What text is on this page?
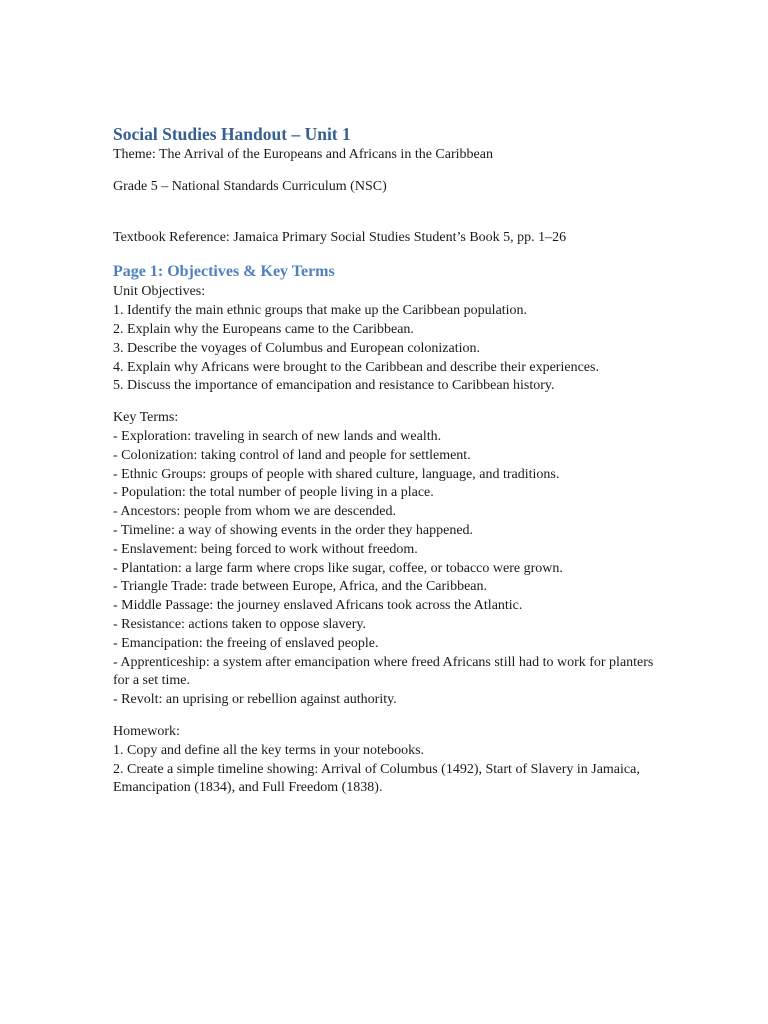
Social Studies Handout – Unit 1

Theme: The Arrival of the Europeans and Africans in the Caribbean

Grade 5 – National Standards Curriculum (NSC)

Textbook Reference: Jamaica Primary Social Studies Student’s Book 5, pp. 1–26

Page 1: Objectives & Key Terms

Unit Objectives:

1. Identify the main ethnic groups that make up the Caribbean population.
2. Explain why the Europeans came to the Caribbean.
3. Describe the voyages of Columbus and European colonization.
4. Explain why Africans were brought to the Caribbean and describe their experiences.
5. Discuss the importance of emancipation and resistance to Caribbean history.

Key Terms:

- Exploration: traveling in search of new lands and wealth.
- Colonization: taking control of land and people for settlement.
- Ethnic Groups: groups of people with shared culture, language, and traditions.
- Population: the total number of people living in a place.
- Ancestors: people from whom we are descended.
- Timeline: a way of showing events in the order they happened.
- Enslavement: being forced to work without freedom.
- Plantation: a large farm where crops like sugar, coffee, or tobacco were grown.
- Triangle Trade: trade between Europe, Africa, and the Caribbean.
- Middle Passage: the journey enslaved Africans took across the Atlantic.
- Resistance: actions taken to oppose slavery.
- Emancipation: the freeing of enslaved people.
- Apprenticeship: a system after emancipation where freed Africans still had to work for planters for a set time.
- Revolt: an uprising or rebellion against authority.

Homework:

1. Copy and define all the key terms in your notebooks.
2. Create a simple timeline showing: Arrival of Columbus (1492), Start of Slavery in Jamaica, Emancipation (1834), and Full Freedom (1838).
